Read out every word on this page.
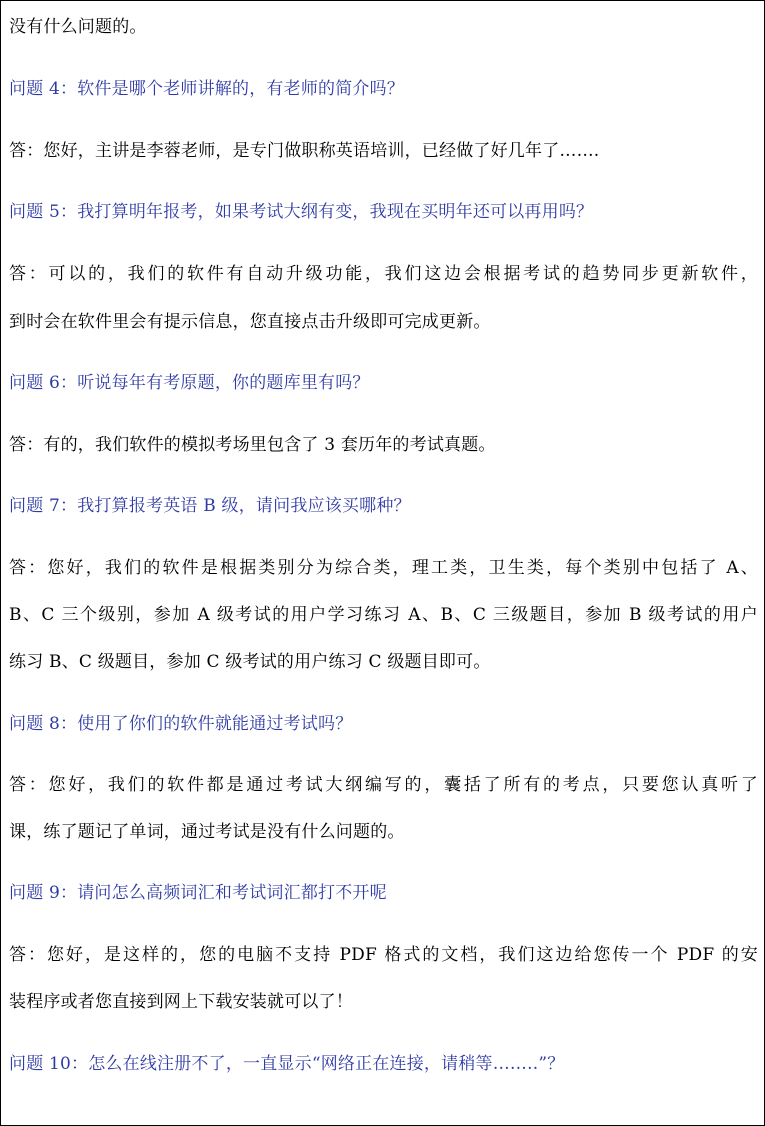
没有什么问题的。
问题 4：软件是哪个老师讲解的，有老师的简介吗？
答：您好，主讲是李蓉老师，是专门做职称英语培训，已经做了好几年了…….
问题 5：我打算明年报考，如果考试大纲有变，我现在买明年还可以再用吗？
答：可以的，我们的软件有自动升级功能，我们这边会根据考试的趋势同步更新软件，
到时会在软件里会有提示信息，您直接点击升级即可完成更新。
问题 6：听说每年有考原题，你的题库里有吗？
答：有的，我们软件的模拟考场里包含了 3 套历年的考试真题。
问题 7：我打算报考英语 B 级，请问我应该买哪种？
答：您好，我们的软件是根据类别分为综合类，理工类，卫生类，每个类别中包括了 A、
B、C 三个级别，参加 A 级考试的用户学习练习 A、B、C 三级题目，参加 B 级考试的用户
练习 B、C 级题目，参加 C 级考试的用户练习 C 级题目即可。
问题 8：使用了你们的软件就能通过考试吗？
答：您好，我们的软件都是通过考试大纲编写的，囊括了所有的考点，只要您认真听了
课，练了题记了单词，通过考试是没有什么问题的。
问题 9：请问怎么高频词汇和考试词汇都打不开呢
答：您好，是这样的，您的电脑不支持 PDF 格式的文档，我们这边给您传一个 PDF 的安
装程序或者您直接到网上下载安装就可以了！
问题 10：怎么在线注册不了，一直显示“网络正在连接，请稍等……..”？
